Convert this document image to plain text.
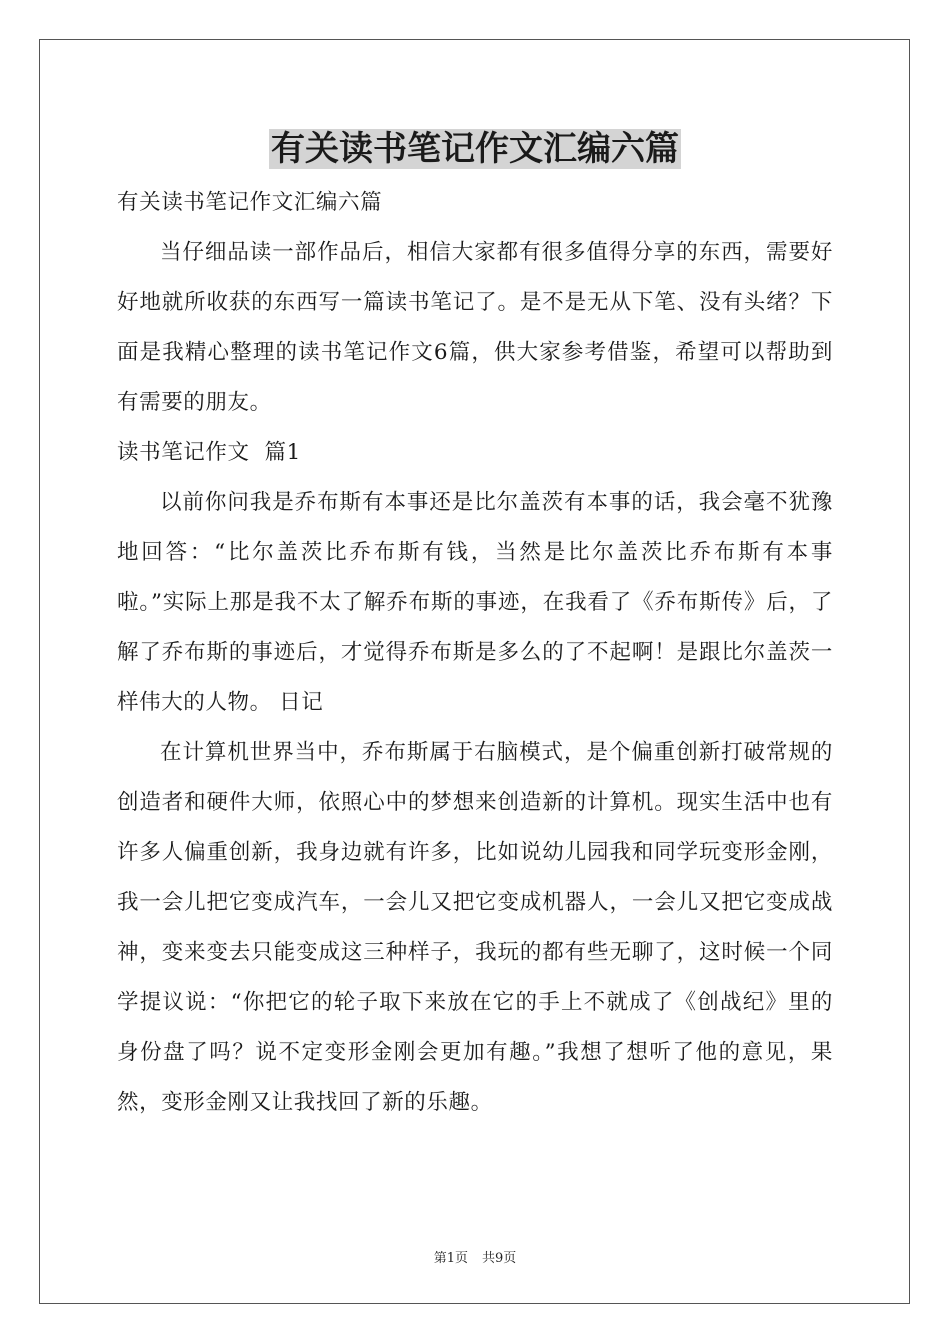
有关读书笔记作文汇编六篇

有关读书笔记作文汇编六篇

当仔细品读一部作品后，相信大家都有很多值得分享的东西，需要好好地就所收获的东西写一篇读书笔记了。是不是无从下笔、没有头绪？下面是我精心整理的读书笔记作文6篇，供大家参考借鉴，希望可以帮助到有需要的朋友。

读书笔记作文  篇1

以前你问我是乔布斯有本事还是比尔盖茨有本事的话，我会毫不犹豫地回答：“比尔盖茨比乔布斯有钱，当然是比尔盖茨比乔布斯有本事啦。”实际上那是我不太了解乔布斯的事迹，在我看了《乔布斯传》后，了解了乔布斯的事迹后，才觉得乔布斯是多么的了不起啊！是跟比尔盖茨一样伟大的人物。 日记

在计算机世界当中，乔布斯属于右脑模式，是个偏重创新打破常规的创造者和硬件大师，依照心中的梦想来创造新的计算机。现实生活中也有许多人偏重创新，我身边就有许多，比如说幼儿园我和同学玩变形金刚，我一会儿把它变成汽车，一会儿又把它变成机器人，一会儿又把它变成战神，变来变去只能变成这三种样子，我玩的都有些无聊了，这时候一个同学提议说：“你把它的轮子取下来放在它的手上不就成了《创战纪》里的身份盘了吗？说不定变形金刚会更加有趣。”我想了想听了他的意见，果然，变形金刚又让我找回了新的乐趣。

第1页 共9页
